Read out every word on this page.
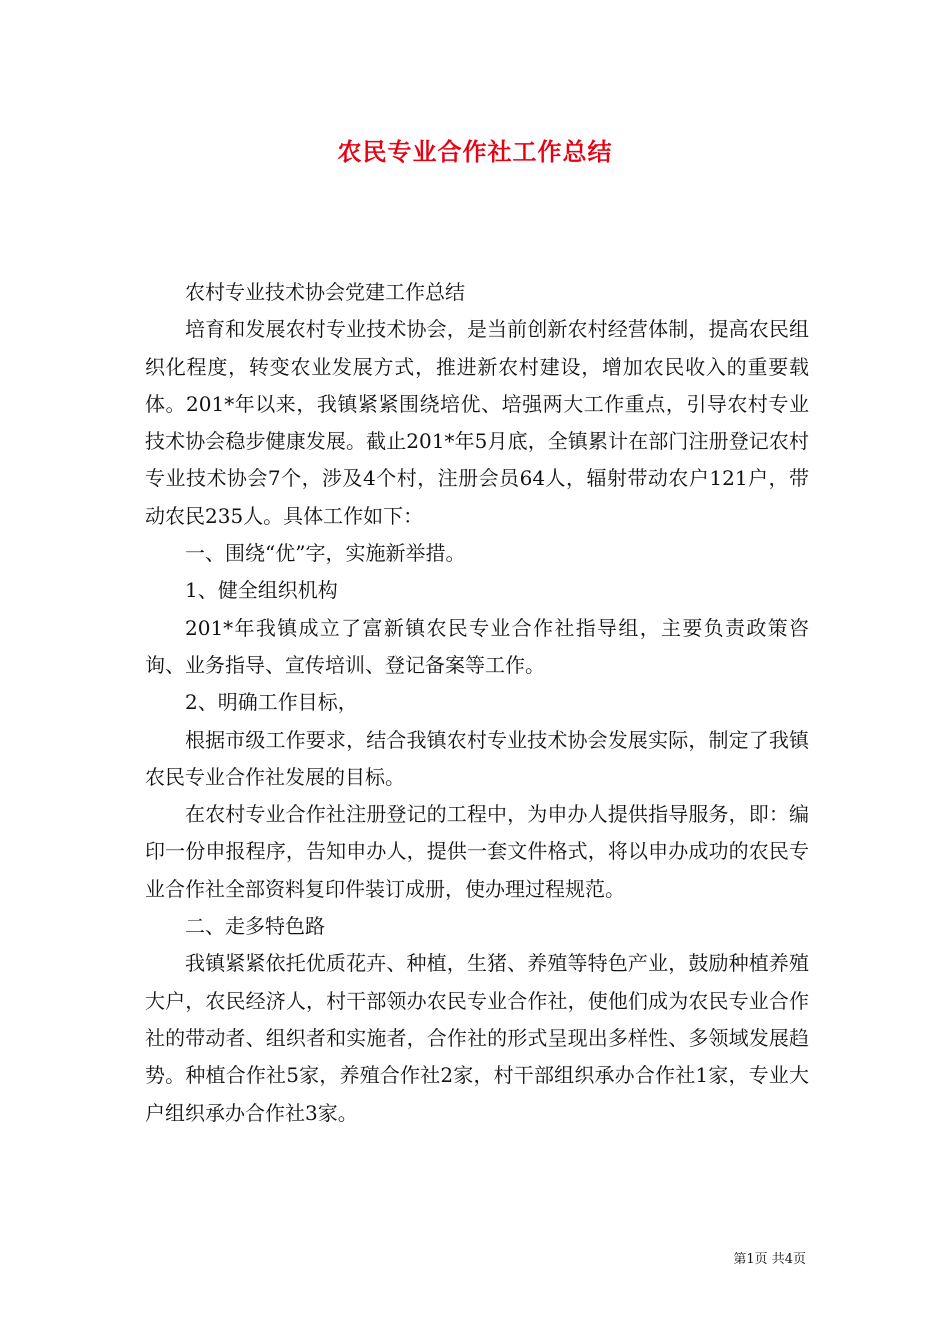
农民专业合作社工作总结

农村专业技术协会党建工作总结

培育和发展农村专业技术协会，是当前创新农村经营体制，提高农民组织化程度，转变农业发展方式，推进新农村建设，增加农民收入的重要载体。201*年以来，我镇紧紧围绕培优、培强两大工作重点，引导农村专业技术协会稳步健康发展。截止201*年5月底，全镇累计在部门注册登记农村专业技术协会7个，涉及4个村，注册会员64人，辐射带动农户121户，带动农民235人。具体工作如下：

一、围绕“优”字，实施新举措。

1、健全组织机构

201*年我镇成立了富新镇农民专业合作社指导组，主要负责政策咨询、业务指导、宣传培训、登记备案等工作。

2、明确工作目标，

根据市级工作要求，结合我镇农村专业技术协会发展实际，制定了我镇农民专业合作社发展的目标。

在农村专业合作社注册登记的工程中，为申办人提供指导服务，即：编印一份申报程序，告知申办人，提供一套文件格式，将以申办成功的农民专业合作社全部资料复印件装订成册，使办理过程规范。

二、走多特色路

我镇紧紧依托优质花卉、种植，生猪、养殖等特色产业，鼓励种植养殖大户，农民经济人，村干部领办农民专业合作社，使他们成为农民专业合作社的带动者、组织者和实施者，合作社的形式呈现出多样性、多领域发展趋势。种植合作社5家，养殖合作社2家，村干部组织承办合作社1家，专业大户组织承办合作社3家。

第1页 共4页
